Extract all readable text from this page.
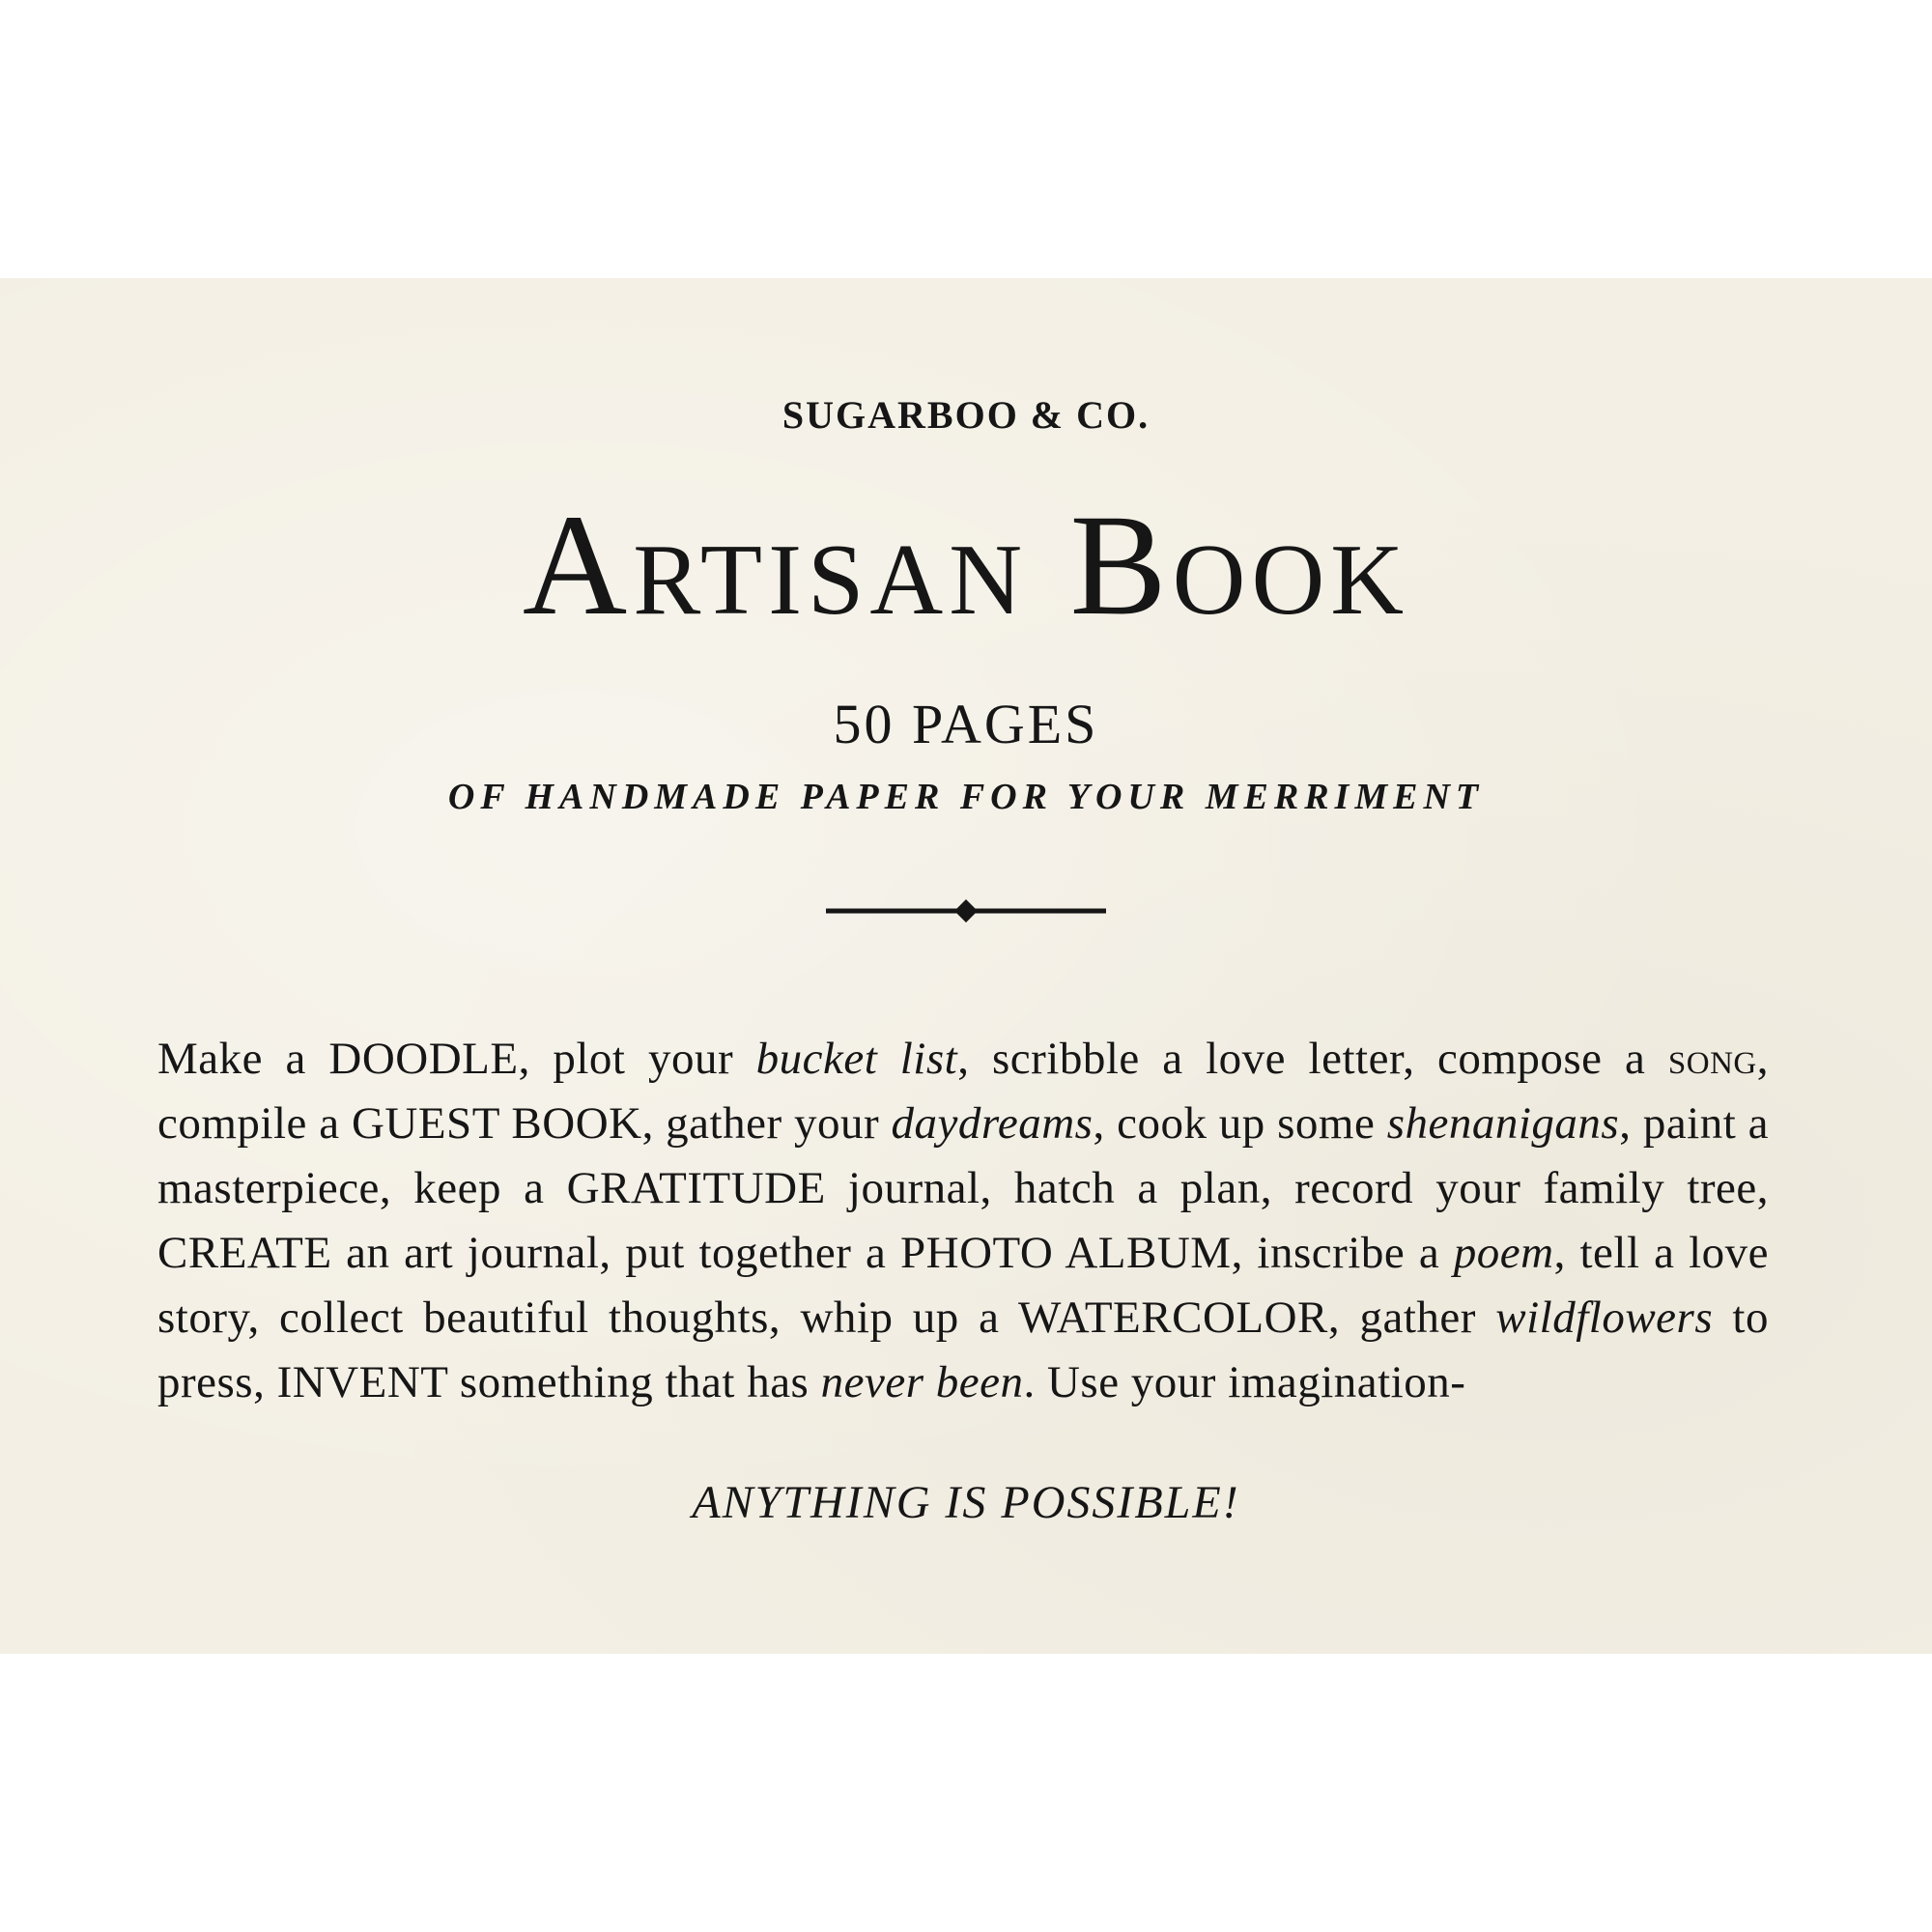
SUGARBOO & CO.
Artisan Book
50 PAGES
OF HANDMADE PAPER FOR YOUR MERRIMENT
Make a DOODLE, plot your bucket list, scribble a love letter, compose a song, compile a GUEST BOOK, gather your daydreams, cook up some shenanigans, paint a masterpiece, keep a GRATITUDE journal, hatch a plan, record your family tree, CREATE an art journal, put together a PHOTO ALBUM, inscribe a poem, tell a love story, collect beautiful thoughts, whip up a WATERCOLOR, gather wildflowers to press, INVENT something that has never been. Use your imagination-
ANYTHING IS POSSIBLE!
